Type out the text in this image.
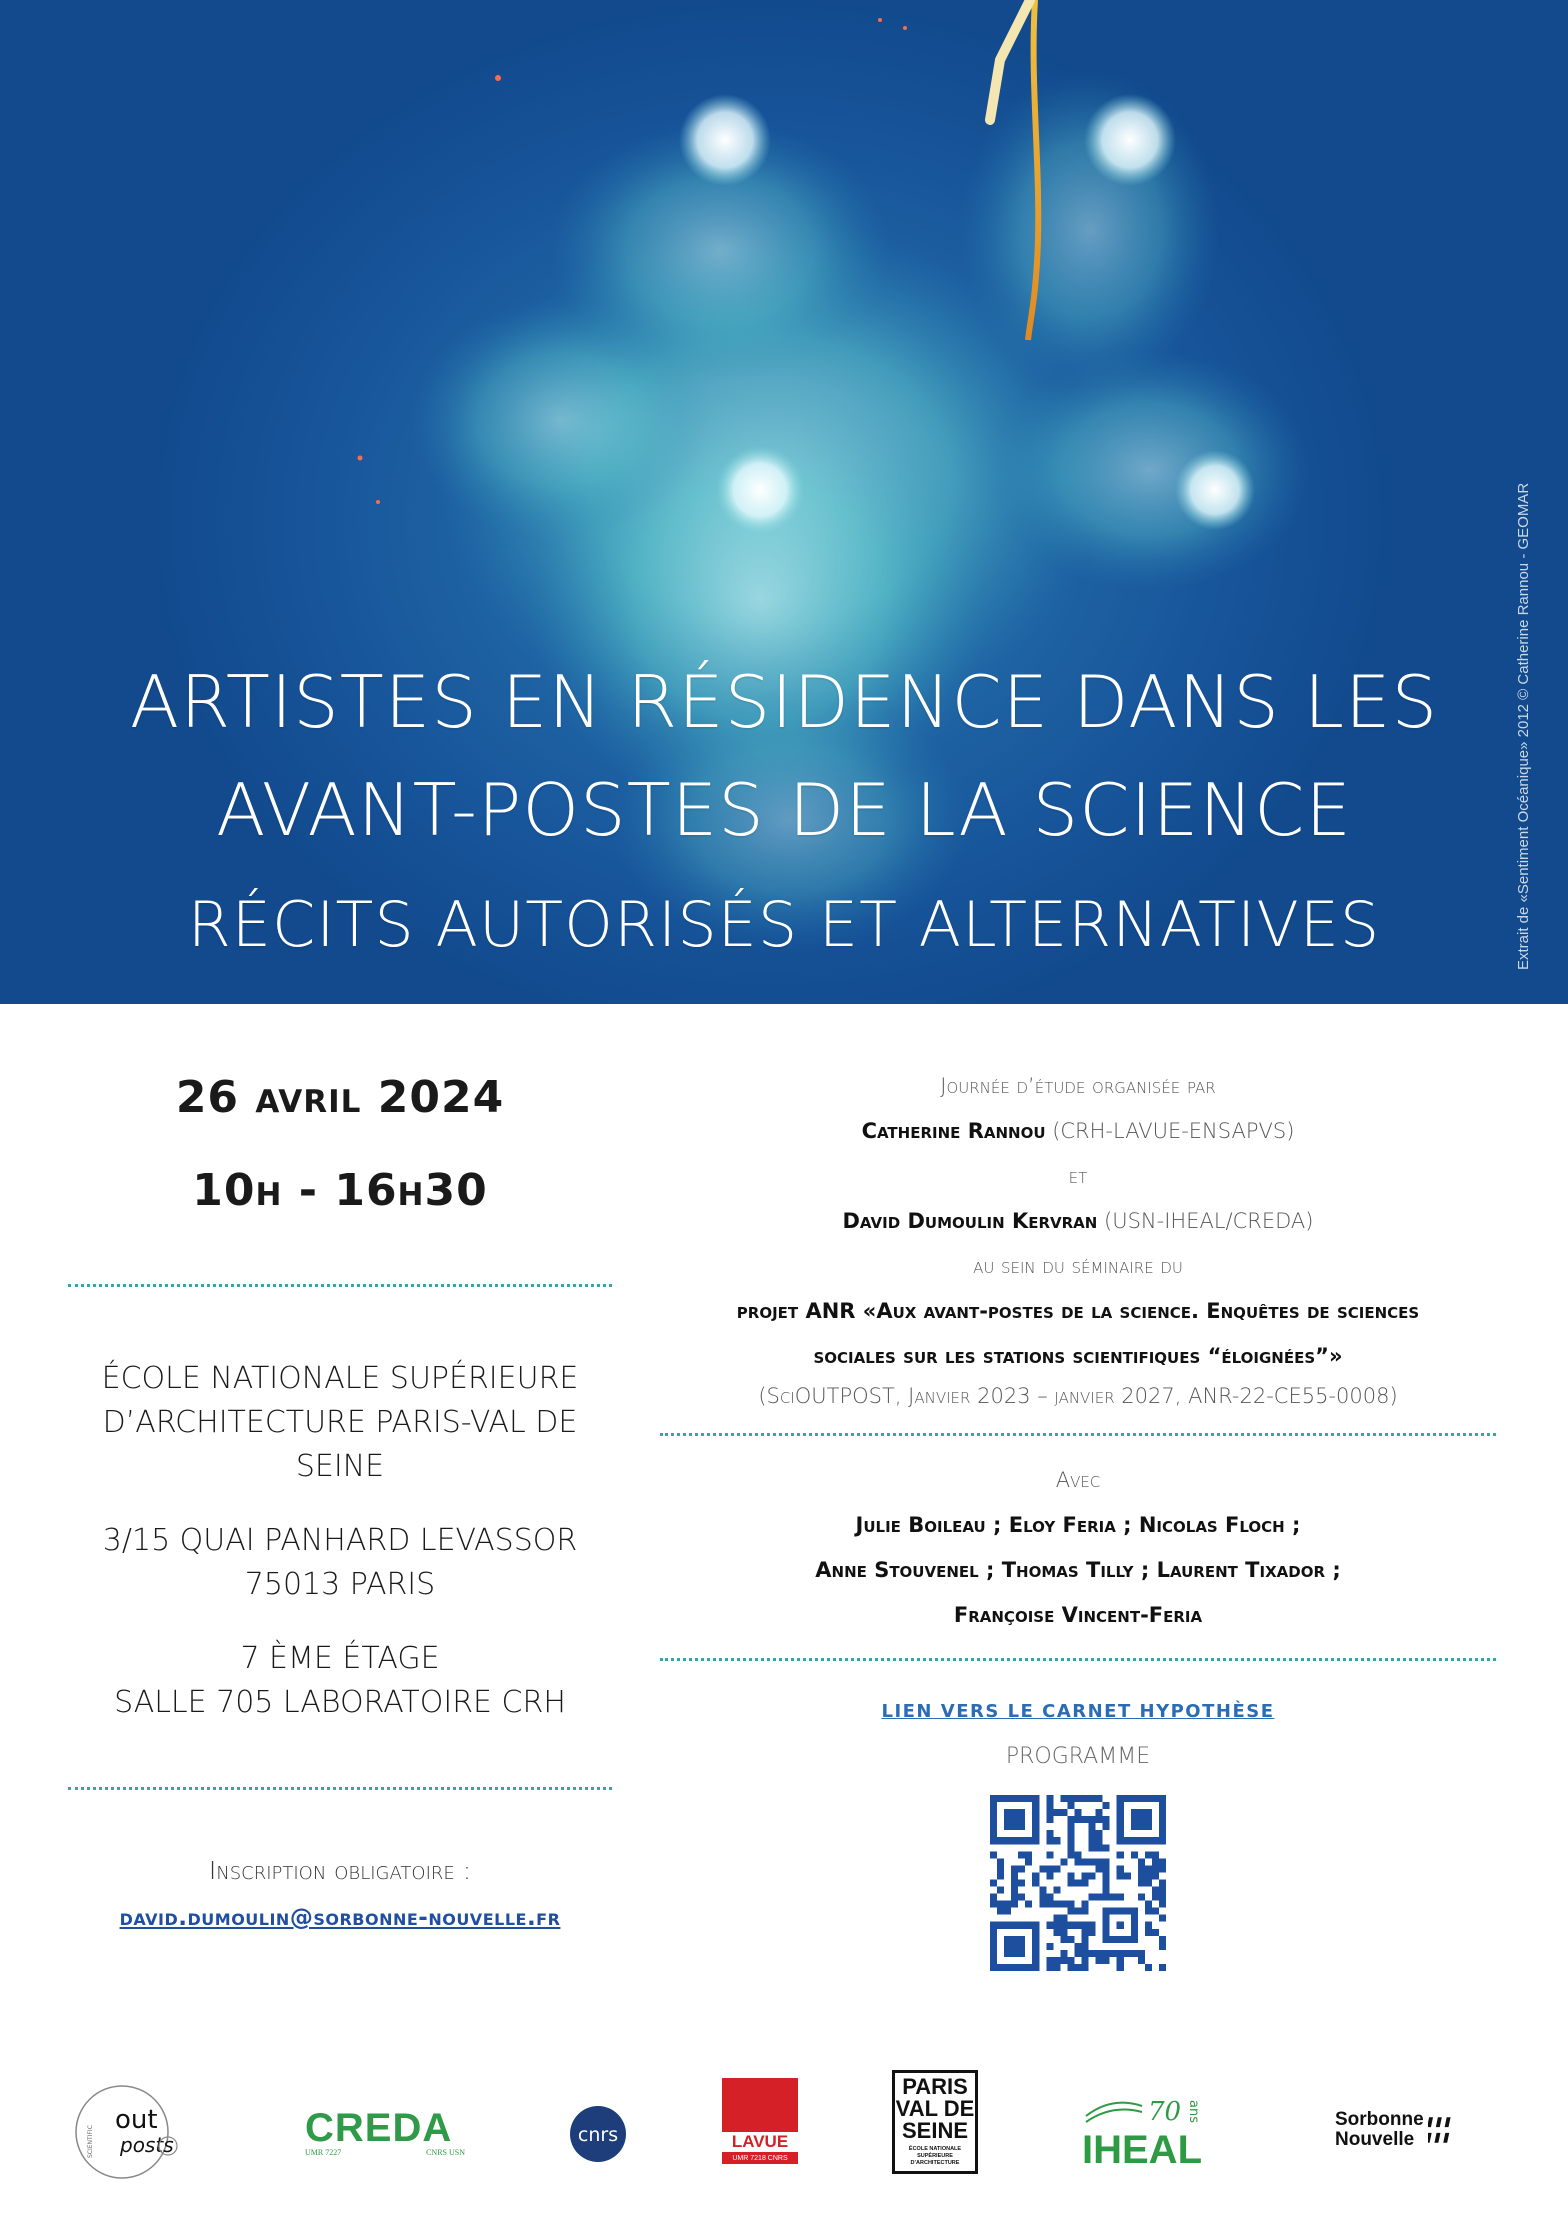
ARTISTES EN RÉSIDENCE DANS LES
AVANT-POSTES DE LA SCIENCE
RÉCITS AUTORISÉS ET ALTERNATIVES	Extrait de «Sentiment Océanique» 2012 © Catherine Rannou - GEOMAR
26 avril 2024
10h - 16h30
ÉCOLE NATIONALE SUPÉRIEURE
D’ARCHITECTURE PARIS-VAL DE SEINE
3/15 QUAI PANHARD LEVASSOR
75013 PARIS
7 ÈME ÉTAGE
SALLE 705 LABORATOIRE CRH
Inscription obligatoire :
david.dumoulin@sorbonne-nouvelle.fr
Journée d’étude organisée par
Catherine Rannou (CRH-LAVUE-ENSAPVS)
et
David Dumoulin Kervran (USN-IHEAL/CREDA)
au sein du séminaire du
projet ANR «Aux avant-postes de la science. Enquêtes de sciences
sociales sur les stations scientifiques “éloignées”»
(SciOUTPOST, Janvier 2023 – janvier 2027, ANR-22-CE55-0008)
Avec
Julie Boileau ; Eloy Feria ; Nicolas Floch ;
Anne Stouvenel ; Thomas Tilly ; Laurent Tixador ;
Françoise Vincent-Feria
LIEN VERS LE CARNET HYPOTHÈSE
PROGRAMME
SCIENTIFIC
out
posts	CREDA
UMR 7227	CNRS USN
cnrs	LAVUE
UMR 7218 CNRS
PARIS
VAL DE
SEINE
ÉCOLE NATIONALE SUPÉRIEURE D’ARCHITECTURE
70 ans
IHEAL
Sorbonne
Nouvelle
